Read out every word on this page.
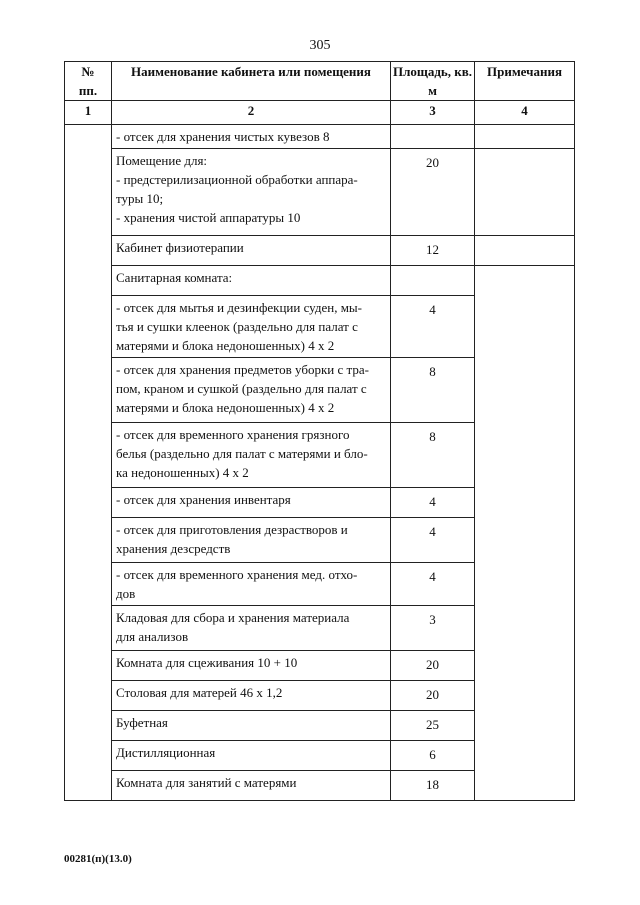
305
№
пп.	Наименование кабинета или помещения	Площадь, кв. м	Примечания
1	2	3	4
	- отсек для хранения чистых кувезов 8		
	Помещение для:
- предстерилизационной обработки аппара-
туры 10;
- хранения чистой аппаратуры 10	20	
	Кабинет физиотерапии	12	
	Санитарная комната:		
	- отсек для мытья и дезинфекции суден, мы-
тья и сушки клеенок (раздельно для палат с
матерями и блока недоношенных) 4 x 2	4	
	- отсек для хранения предметов уборки с тра-
пом, краном и сушкой (раздельно для палат с
матерями и блока недоношенных) 4 x 2	8	
	- отсек для временного хранения грязного
белья (раздельно для палат с матерями и бло-
ка недоношенных) 4 x 2	8	
	- отсек для хранения инвентаря	4	
	- отсек для приготовления дезрастворов и
хранения дезсредств	4	
	- отсек для временного хранения мед. отхо-
дов	4	
	Кладовая для сбора и хранения материала
для анализов	3	
	Комната для сцеживания 10 + 10	20	
	Столовая для матерей 46 x 1,2	20	
	Буфетная	25	
	Дистилляционная	6	
	Комната для занятий с матерями	18	
00281(п)(13.0)
